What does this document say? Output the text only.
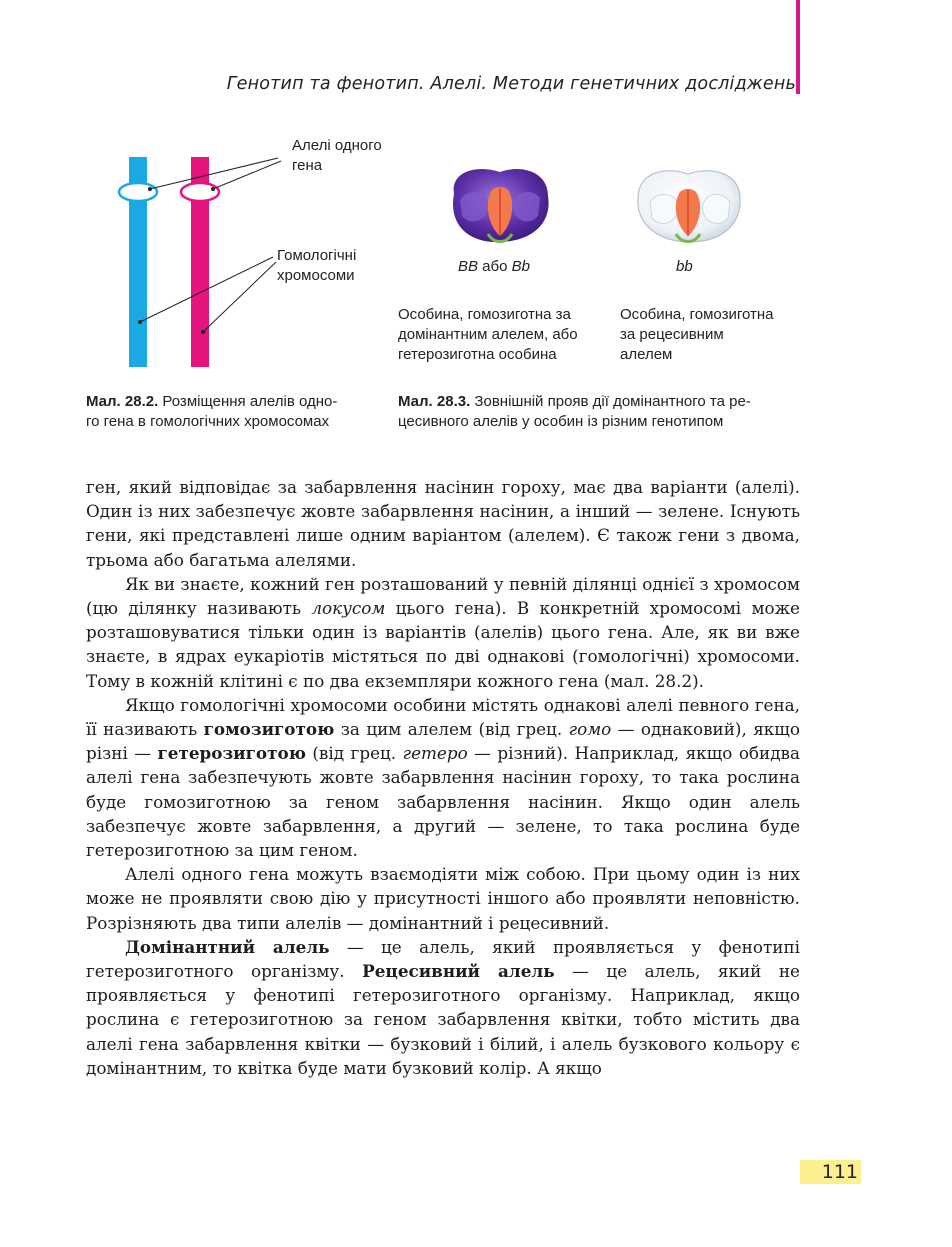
Генотип та фенотип. Алелі. Методи генетичних досліджень
Алелі одного
гена
Гомологічні
хромосоми
Мал. 28.2. Розміщення алелів одно-
го гена в гомологічних хромосомах
BB або Bb	bb
Особина, гомозиготна за
домінантним алелем, або
гетерозиготна особина
Особина, гомозиготна
за рецесивним
алелем
Мал. 28.3. Зовнішній прояв дії домінантного та ре-
цесивного алелів у особин із різним генотипом

ген, який відповідає за забарвлення насінин гороху, має два варіанти (алелі). Один із них забезпечує жовте забарвлення насінин, а інший — зелене. Існують гени, які представлені лише одним варіантом (алелем). Є також гени з двома, трьома або багатьма алелями.

Як ви знаєте, кожний ген розташований у певній ділянці однієї з хромосом (цю ділянку називають локусом цього гена). В конкретній хромосомі може розташовуватися тільки один із варіантів (алелів) цього гена. Але, як ви вже знаєте, в ядрах еукаріотів містяться по дві однакові (гомологічні) хромосоми. Тому в кожній клітині є по два екземпляри кожного гена (мал. 28.2).

Якщо гомологічні хромосоми особини містять однакові алелі певного гена, її називають гомозиготою за цим алелем (від грец. гомо — однаковий), якщо різні — гетерозиготою (від грец. гетеро — різний). Наприклад, якщо обидва алелі гена забезпечують жовте забарвлення насінин гороху, то така рослина буде гомозиготною за геном забарвлення насінин. Якщо один алель забезпечує жовте забарвлення, а другий — зелене, то така рослина буде гетерозиготною за цим геном.

Алелі одного гена можуть взаємодіяти між собою. При цьому один із них може не проявляти свою дію у присутності іншого або проявляти неповністю. Розрізняють два типи алелів — домінантний і рецесивний.

Домінантний алель — це алель, який проявляється у фенотипі гетерозиготного організму. Рецесивний алель — це алель, який не проявляється у фенотипі гетерозиготного організму. Наприклад, якщо рослина є гетерозиготною за геном забарвлення квітки, тобто містить два алелі гена забарвлення квітки — бузковий і білий, і алель бузкового кольору є домінантним, то квітка буде мати бузковий колір. А якщо

111
